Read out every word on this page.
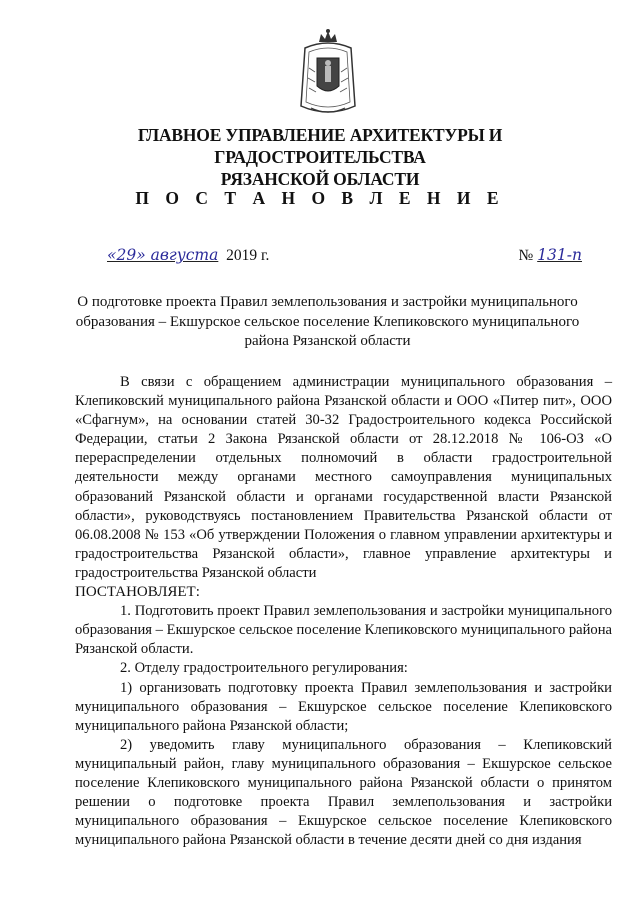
ГЛАВНОЕ УПРАВЛЕНИЕ АРХИТЕКТУРЫ И ГРАДОСТРОИТЕЛЬСТВА
РЯЗАНСКОЙ ОБЛАСТИ
П О С Т А Н О В Л Е Н И Е
«29» августа 2019 г.	№ 131-п
О подготовке проекта Правил землепользования и застройки муниципального
образования – Екшурское сельское поселение Клепиковского муниципального
района Рязанской области

В связи с обращением администрации муниципального образования – Клепиковский муниципального района Рязанской области и ООО «Питер пит», ООО «Сфагнум», на основании статей 30-32 Градостроительного кодекса Российской Федерации, статьи 2 Закона Рязанской области от 28.12.2018 № 106-ОЗ «О перераспределении отдельных полномочий в области градостроительной деятельности между органами местного самоуправления муниципальных образований Рязанской области и органами государственной власти Рязанской области», руководствуясь постановлением Правительства Рязанской области от 06.08.2008 № 153 «Об утверждении Положения о главном управлении архитектуры и градостроительства Рязанской области», главное управление архитектуры и градостроительства Рязанской области

ПОСТАНОВЛЯЕТ:

1. Подготовить проект Правил землепользования и застройки муниципального образования – Екшурское сельское поселение Клепиковского муниципального района Рязанской области.

2. Отделу градостроительного регулирования:

1) организовать подготовку проекта Правил землепользования и застройки муниципального образования – Екшурское сельское поселение Клепиковского муниципального района Рязанской области;

2) уведомить главу муниципального образования – Клепиковский муниципальный район, главу муниципального образования – Екшурское сельское поселение Клепиковского муниципального района Рязанской области о принятом решении о подготовке проекта Правил землепользования и застройки муниципального образования – Екшурское сельское поселение Клепиковского муниципального района Рязанской области в течение десяти дней со дня издания
